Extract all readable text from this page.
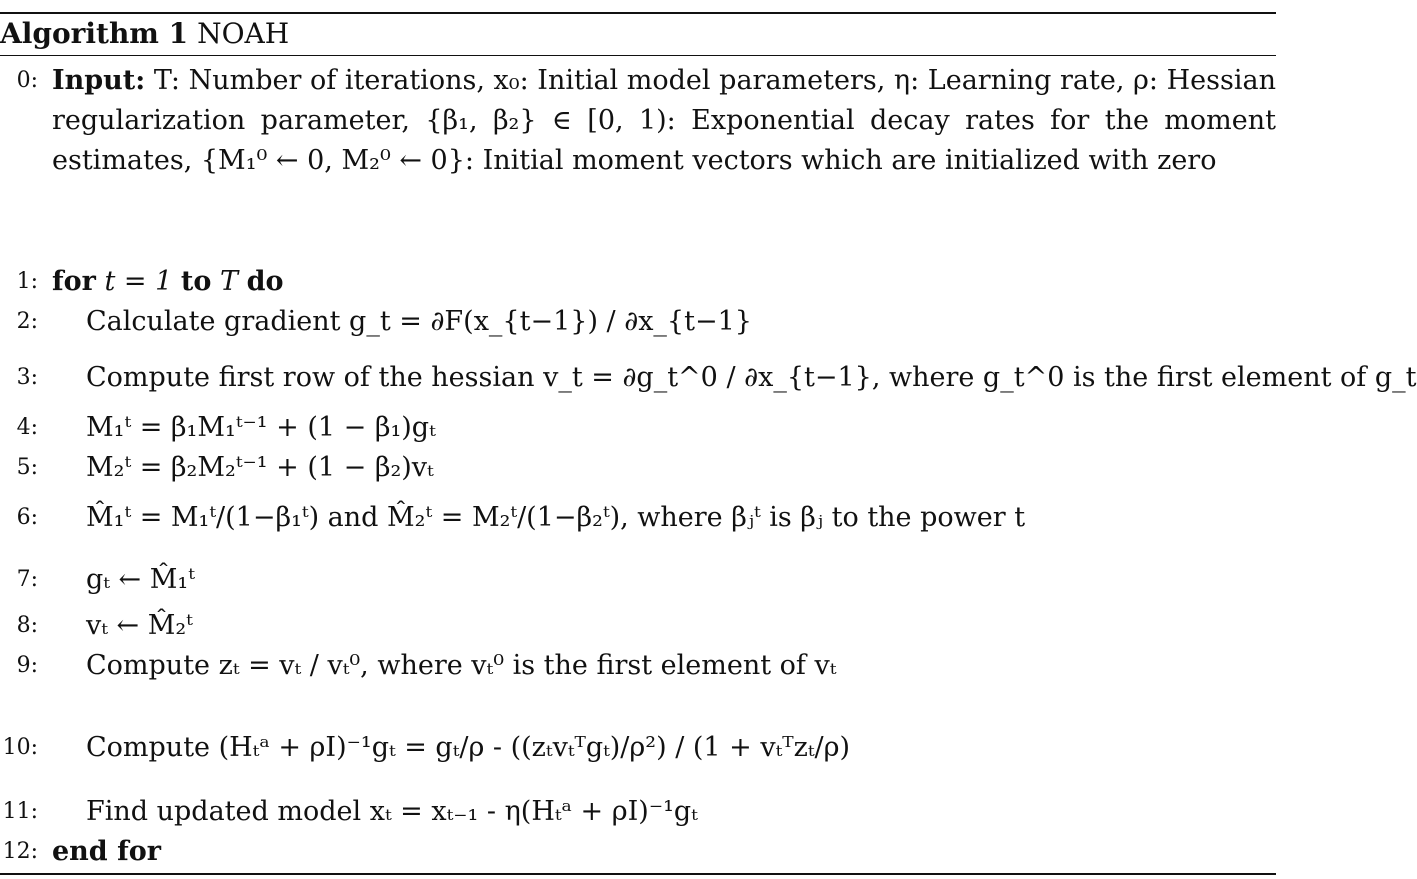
Algorithm 1 NOAH
0: Input: T: Number of iterations, x₀: Initial model parameters, η: Learning rate, ρ: Hessian regularization parameter, {β₁, β₂} ∈ [0, 1): Exponential decay rates for the moment estimates, {M₁⁰ ← 0, M₂⁰ ← 0}: Initial moment vectors which are initialized with zero
1: for t = 1 to T do
2: Calculate gradient g_t = ∂F(x_{t−1}) / ∂x_{t−1}
3: Compute first row of the hessian v_t = ∂g_t^0 / ∂x_{t−1}, where g_t^0 is the first element of g_t
4: M₁ᵗ = β₁M₁ᵗ⁻¹ + (1 − β₁)gₜ
5: M₂ᵗ = β₂M₂ᵗ⁻¹ + (1 − β₂)vₜ
6: M̂₁ᵗ = M₁ᵗ/(1−β₁ᵗ) and M̂₂ᵗ = M₂ᵗ/(1−β₂ᵗ), where βⱼᵗ is βⱼ to the power t
7: gₜ ← M̂₁ᵗ
8: vₜ ← M̂₂ᵗ
9: Compute zₜ = vₜ / vₜ⁰, where vₜ⁰ is the first element of vₜ
10: Compute (Hₜᵃ + ρI)⁻¹gₜ = gₜ/ρ - ((zₜvₜᵀgₜ)/ρ²) / (1 + vₜᵀzₜ/ρ)
11: Find updated model xₜ = xₜ₋₁ - η(Hₜᵃ + ρI)⁻¹gₜ
12: end for
